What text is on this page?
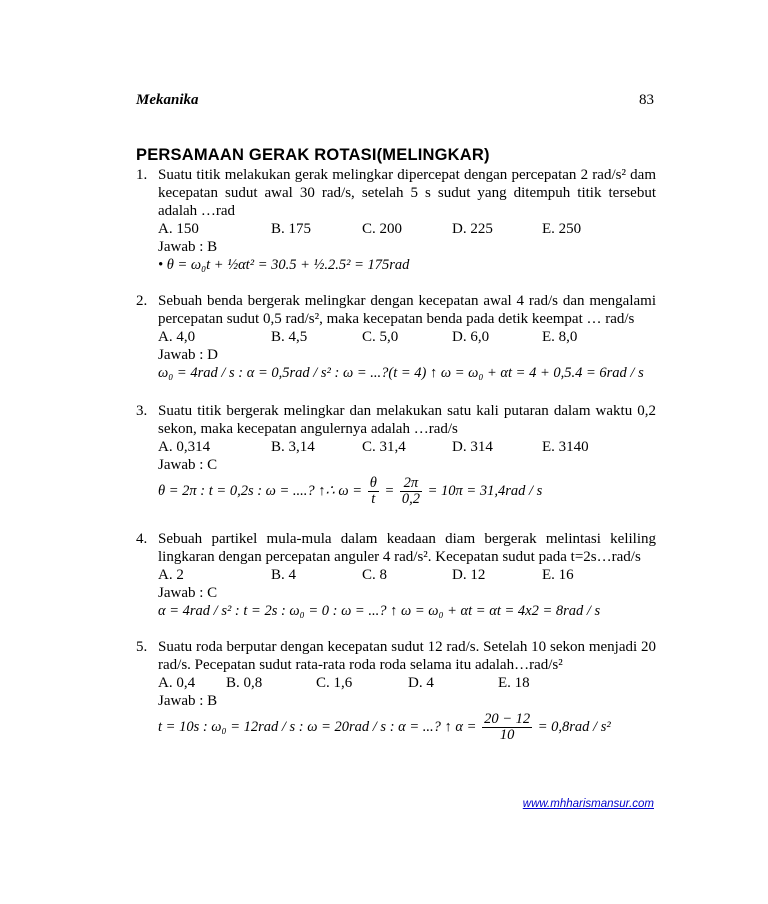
Mekanika	83
PERSAMAAN GERAK ROTASI(MELINGKAR)
1. Suatu titik melakukan gerak melingkar dipercepat dengan percepatan 2 rad/s² dam kecepatan sudut awal 30 rad/s, setelah 5 s sudut yang ditempuh titik tersebut adalah …rad

A. 150	B. 175	C. 200	D. 225	E. 250

Jawab : B

• θ = ω₀t + ½αt² = 30.5 + ½.2.5² = 175rad

2. Sebuah benda bergerak melingkar dengan kecepatan awal 4 rad/s dan mengalami percepatan sudut 0,5 rad/s², maka kecepatan benda pada detik keempat … rad/s

A. 4,0	B. 4,5	C. 5,0	D. 6,0	E. 8,0

Jawab : D

ω₀ = 4rad / s : α = 0,5rad / s² : ω = ...?(t = 4) ↑ ω = ω₀ + αt = 4 + 0,5.4 = 6rad / s

3. Suatu titik bergerak melingkar dan melakukan satu kali putaran dalam waktu 0,2 sekon, maka kecepatan angulernya adalah …rad/s

A. 0,314	B. 3,14	C. 31,4	D. 314	E. 3140

Jawab : C

θ = 2π : t = 0,2s : ω = ....? ↑∴ $\omega = \frac{\theta}{t} = \frac{2\pi}{0,2} = 10\pi = 31,4rad / s$
4. Sebuah partikel mula-mula dalam keadaan diam bergerak melintasi keliling lingkaran dengan percepatan anguler 4 rad/s². Kecepatan sudut pada t=2s…rad/s

A. 2	B. 4	C. 8	D. 12	E. 16

Jawab : C

α = 4rad / s² : t = 2s : ω₀ = 0 : ω = ...? ↑ ω = ω₀ + αt = αt = 4x2 = 8rad / s

5. Suatu roda berputar dengan kecepatan sudut 12 rad/s. Setelah 10 sekon menjadi 20 rad/s. Pecepatan sudut rata-rata roda roda selama itu adalah…rad/s²

A. 0,4 B. 0,8	C. 1,6	D. 4	E. 18

Jawab : B

t = 10s : ω₀ = 12rad / s : ω = 20rad / s : α = ...? ↑ $\alpha = \frac{20 - 12}{10} = 0,8rad / s^2$
www.mhharismansur.com
